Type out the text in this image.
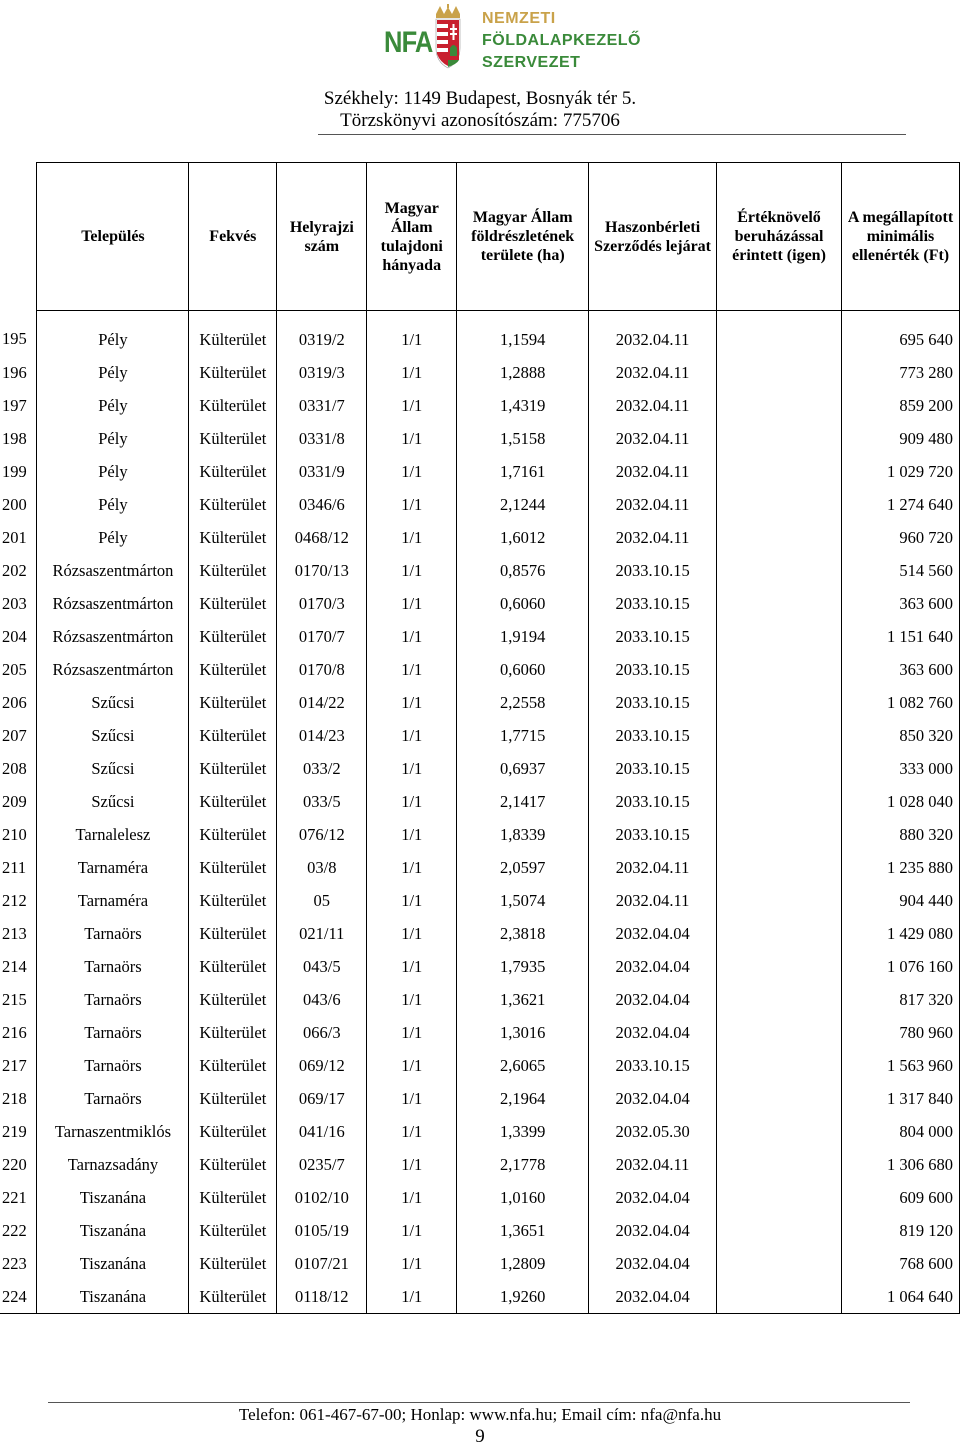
NFA
NEMZETI
FÖLDALAPKEZELŐ
SZERVEZET
Székhely: 1149 Budapest, Bosnyák tér 5.
Törzskönyvi azonosítószám: 775706
	Település	Fekvés	Helyrajzi szám	Magyar Állam tulajdoni hányada	Magyar Állam földrészletének területe (ha)	Haszonbérleti Szerződés lejárat	Értéknövelő beruházással érintett (igen)	A megállapított minimális ellenérték (Ft)
195	Pély	Külterület	0319/2	1/1	1,1594	2032.04.11		695 640
196	Pély	Külterület	0319/3	1/1	1,2888	2032.04.11		773 280
197	Pély	Külterület	0331/7	1/1	1,4319	2032.04.11		859 200
198	Pély	Külterület	0331/8	1/1	1,5158	2032.04.11		909 480
199	Pély	Külterület	0331/9	1/1	1,7161	2032.04.11		1 029 720
200	Pély	Külterület	0346/6	1/1	2,1244	2032.04.11		1 274 640
201	Pély	Külterület	0468/12	1/1	1,6012	2032.04.11		960 720
202	Rózsaszentmárton	Külterület	0170/13	1/1	0,8576	2033.10.15		514 560
203	Rózsaszentmárton	Külterület	0170/3	1/1	0,6060	2033.10.15		363 600
204	Rózsaszentmárton	Külterület	0170/7	1/1	1,9194	2033.10.15		1 151 640
205	Rózsaszentmárton	Külterület	0170/8	1/1	0,6060	2033.10.15		363 600
206	Szűcsi	Külterület	014/22	1/1	2,2558	2033.10.15		1 082 760
207	Szűcsi	Külterület	014/23	1/1	1,7715	2033.10.15		850 320
208	Szűcsi	Külterület	033/2	1/1	0,6937	2033.10.15		333 000
209	Szűcsi	Külterület	033/5	1/1	2,1417	2033.10.15		1 028 040
210	Tarnalelesz	Külterület	076/12	1/1	1,8339	2033.10.15		880 320
211	Tarnaméra	Külterület	03/8	1/1	2,0597	2032.04.11		1 235 880
212	Tarnaméra	Külterület	05	1/1	1,5074	2032.04.11		904 440
213	Tarnaörs	Külterület	021/11	1/1	2,3818	2032.04.04		1 429 080
214	Tarnaörs	Külterület	043/5	1/1	1,7935	2032.04.04		1 076 160
215	Tarnaörs	Külterület	043/6	1/1	1,3621	2032.04.04		817 320
216	Tarnaörs	Külterület	066/3	1/1	1,3016	2032.04.04		780 960
217	Tarnaörs	Külterület	069/12	1/1	2,6065	2033.10.15		1 563 960
218	Tarnaörs	Külterület	069/17	1/1	2,1964	2032.04.04		1 317 840
219	Tarnaszentmiklós	Külterület	041/16	1/1	1,3399	2032.05.30		804 000
220	Tarnazsadány	Külterület	0235/7	1/1	2,1778	2032.04.11		1 306 680
221	Tiszanána	Külterület	0102/10	1/1	1,0160	2032.04.04		609 600
222	Tiszanána	Külterület	0105/19	1/1	1,3651	2032.04.04		819 120
223	Tiszanána	Külterület	0107/21	1/1	1,2809	2032.04.04		768 600
224	Tiszanána	Külterület	0118/12	1/1	1,9260	2032.04.04		1 064 640
Telefon: 061-467-67-00; Honlap: www.nfa.hu; Email cím: nfa@nfa.hu
9
